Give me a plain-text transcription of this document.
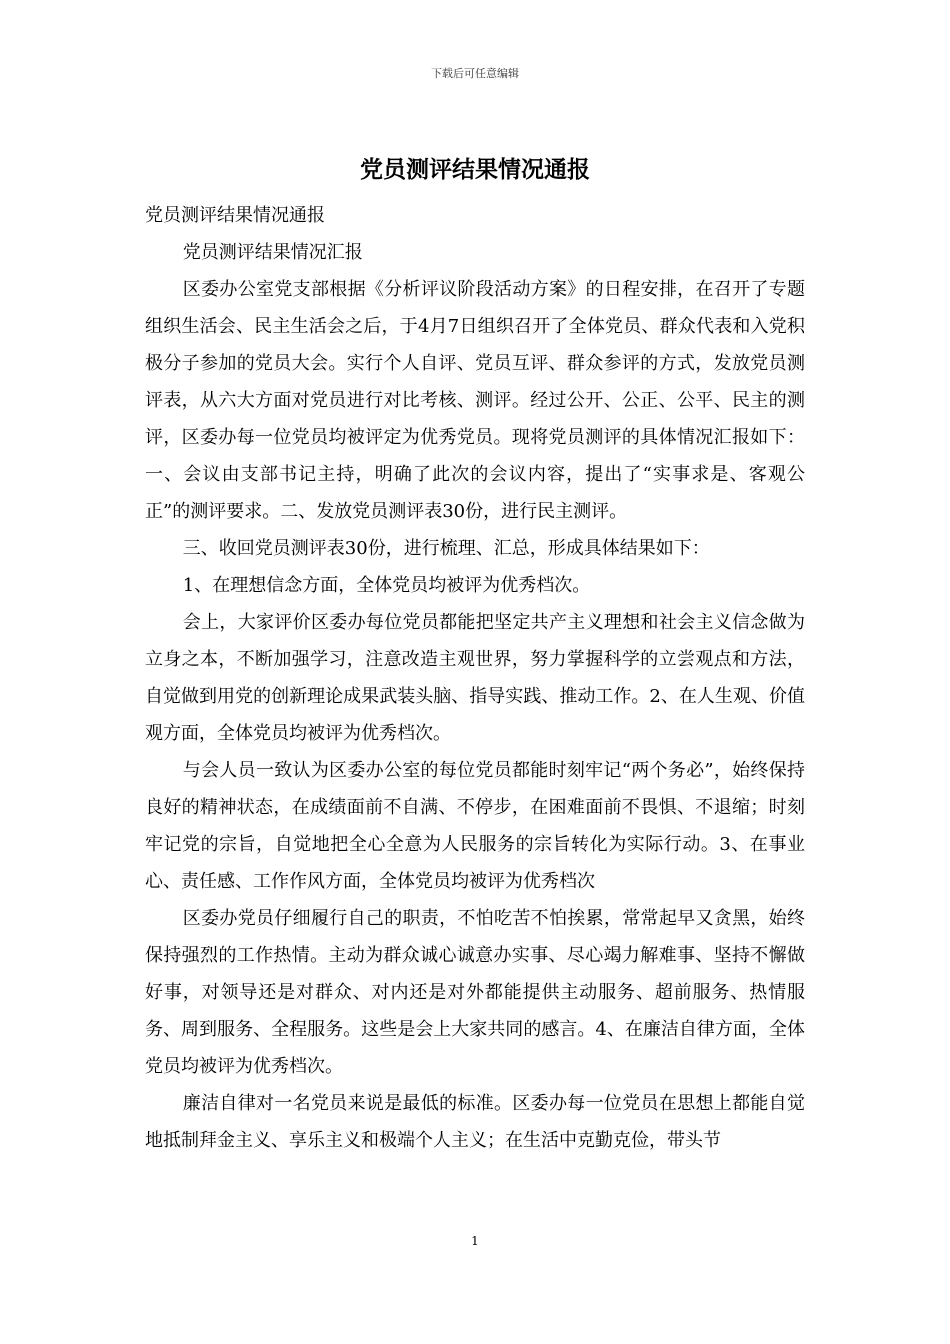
下载后可任意编辑
党员测评结果情况通报

党员测评结果情况通报

党员测评结果情况汇报

区委办公室党支部根据《分析评议阶段活动方案》的日程安排，在召开了专题组织生活会、民主生活会之后，于4月7日组织召开了全体党员、群众代表和入党积极分子参加的党员大会。实行个人自评、党员互评、群众参评的方式，发放党员测评表，从六大方面对党员进行对比考核、测评。经过公开、公正、公平、民主的测评，区委办每一位党员均被评定为优秀党员。现将党员测评的具体情况汇报如下：一、会议由支部书记主持，明确了此次的会议内容，提出了“实事求是、客观公正”的测评要求。二、发放党员测评表30份，进行民主测评。

三、收回党员测评表30份，进行梳理、汇总，形成具体结果如下：

1、在理想信念方面，全体党员均被评为优秀档次。

会上，大家评价区委办每位党员都能把坚定共产主义理想和社会主义信念做为立身之本，不断加强学习，注意改造主观世界，努力掌握科学的立尝观点和方法，自觉做到用党的创新理论成果武装头脑、指导实践、推动工作。2、在人生观、价值观方面，全体党员均被评为优秀档次。

与会人员一致认为区委办公室的每位党员都能时刻牢记“两个务必”，始终保持良好的精神状态，在成绩面前不自满、不停步，在困难面前不畏惧、不退缩；时刻牢记党的宗旨，自觉地把全心全意为人民服务的宗旨转化为实际行动。3、在事业心、责任感、工作作风方面，全体党员均被评为优秀档次

区委办党员仔细履行自己的职责，不怕吃苦不怕挨累，常常起早又贪黑，始终保持强烈的工作热情。主动为群众诚心诚意办实事、尽心竭力解难事、坚持不懈做好事，对领导还是对群众、对内还是对外都能提供主动服务、超前服务、热情服务、周到服务、全程服务。这些是会上大家共同的感言。4、在廉洁自律方面，全体党员均被评为优秀档次。

廉洁自律对一名党员来说是最低的标准。区委办每一位党员在思想上都能自觉地抵制拜金主义、享乐主义和极端个人主义；在生活中克勤克俭，带头节

1
